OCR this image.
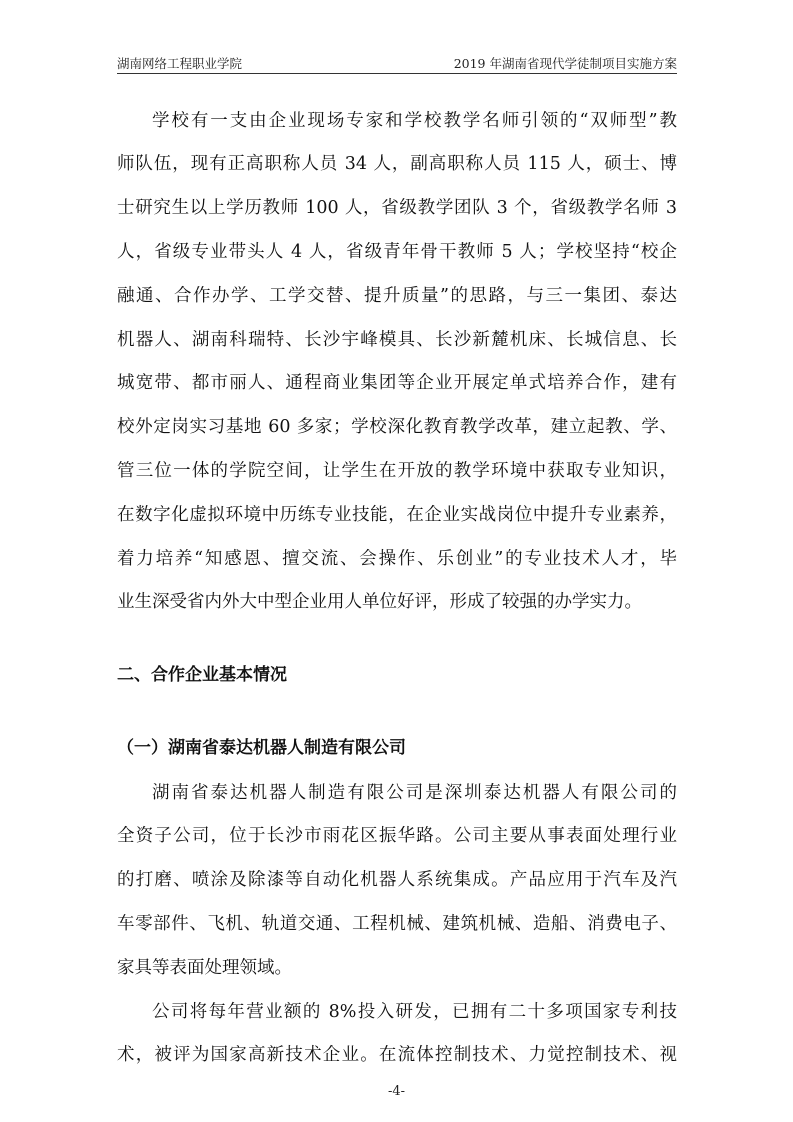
湖南网络工程职业学院	2019 年湖南省现代学徒制项目实施方案
学校有一支由企业现场专家和学校教学名师引领的“双师型”教
师队伍，现有正高职称人员 34 人，副高职称人员 115 人，硕士、博
士研究生以上学历教师 100 人，省级教学团队 3 个，省级教学名师 3
人，省级专业带头人 4 人，省级青年骨干教师 5 人；学校坚持“校企
融通、合作办学、工学交替、提升质量”的思路，与三一集团、泰达
机器人、湖南科瑞特、长沙宇峰模具、长沙新麓机床、长城信息、长
城宽带、都市丽人、通程商业集团等企业开展定单式培养合作，建有
校外定岗实习基地 60 多家；学校深化教育教学改革，建立起教、学、
管三位一体的学院空间，让学生在开放的教学环境中获取专业知识，
在数字化虚拟环境中历练专业技能，在企业实战岗位中提升专业素养，
着力培养“知感恩、擅交流、会操作、乐创业”的专业技术人才，毕
业生深受省内外大中型企业用人单位好评，形成了较强的办学实力。
二、合作企业基本情况
（一）湖南省泰达机器人制造有限公司
湖南省泰达机器人制造有限公司是深圳泰达机器人有限公司的
全资子公司，位于长沙市雨花区振华路。公司主要从事表面处理行业
的打磨、喷涂及除漆等自动化机器人系统集成。产品应用于汽车及汽
车零部件、飞机、轨道交通、工程机械、建筑机械、造船、消费电子、
家具等表面处理领域。
公司将每年营业额的 8%投入研发，已拥有二十多项国家专利技
术，被评为国家高新技术企业。在流体控制技术、力觉控制技术、视
-4-
